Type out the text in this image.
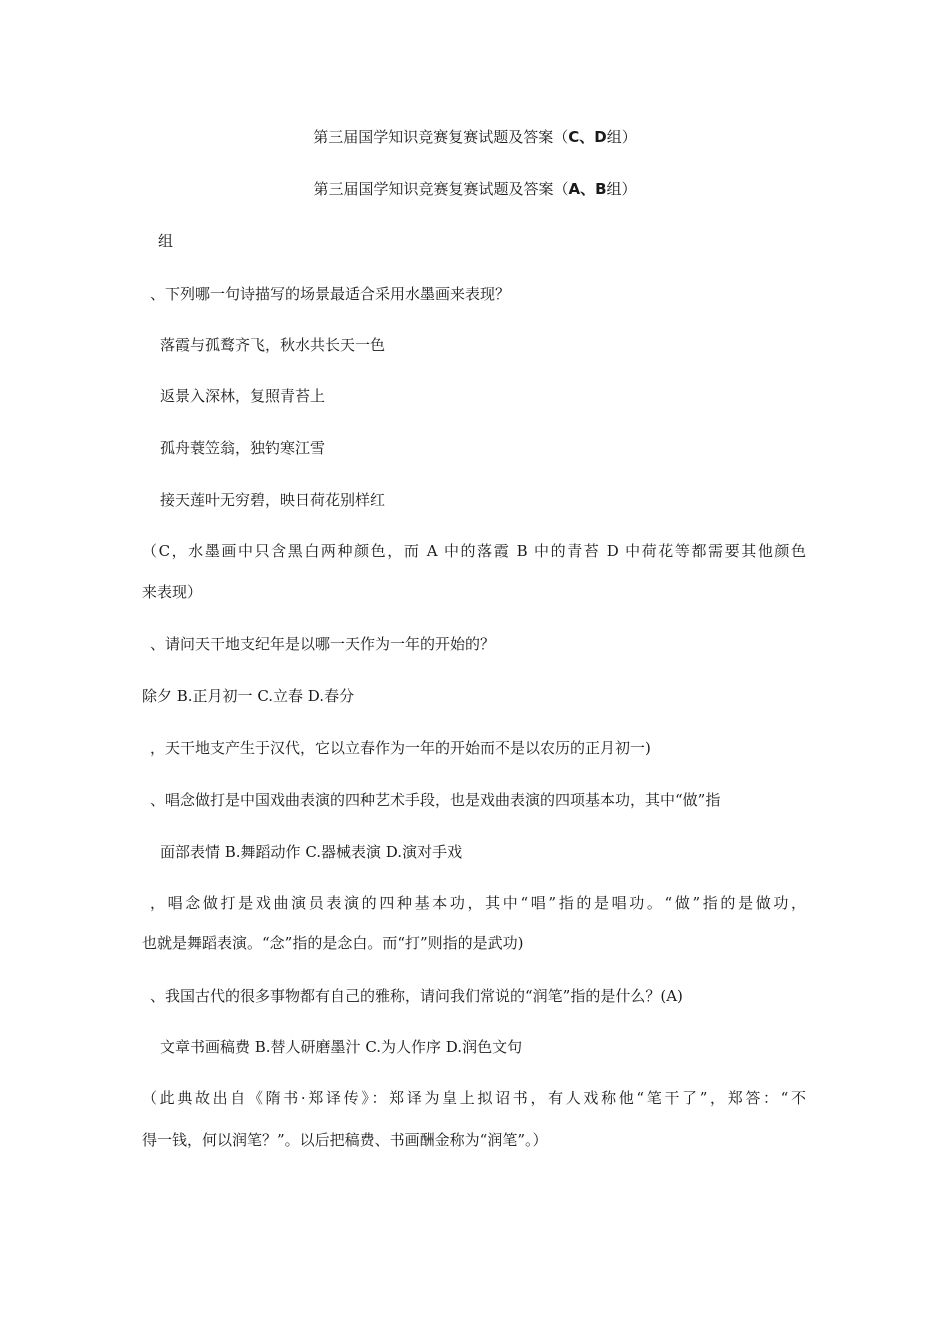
第三届国学知识竞赛复赛试题及答案（C、D组）
第三届国学知识竞赛复赛试题及答案（A、B组）
组
、下列哪一句诗描写的场景最适合采用水墨画来表现？
落霞与孤鹜齐飞，秋水共长天一色
返景入深林，复照青苔上
孤舟蓑笠翁，独钓寒江雪
接天莲叶无穷碧，映日荷花别样红
（C，水墨画中只含黑白两种颜色，而 A 中的落霞 B 中的青苔 D 中荷花等都需要其他颜色
来表现）
、请问天干地支纪年是以哪一天作为一年的开始的？
除夕 B.正月初一 C.立春 D.春分
，天干地支产生于汉代，它以立春作为一年的开始而不是以农历的正月初一)
、唱念做打是中国戏曲表演的四种艺术手段，也是戏曲表演的四项基本功，其中“做”指
面部表情 B.舞蹈动作 C.器械表演 D.演对手戏
，唱念做打是戏曲演员表演的四种基本功，其中“唱”指的是唱功。“做”指的是做功，
也就是舞蹈表演。“念”指的是念白。而“打”则指的是武功)
、我国古代的很多事物都有自己的雅称，请问我们常说的“润笔”指的是什么？(A)
文章书画稿费 B.替人研磨墨汁 C.为人作序 D.润色文句
（此典故出自《隋书·郑译传》：郑译为皇上拟诏书，有人戏称他“笔干了”，郑答：“不
得一钱，何以润笔？”。以后把稿费、书画酬金称为“润笔”。）
